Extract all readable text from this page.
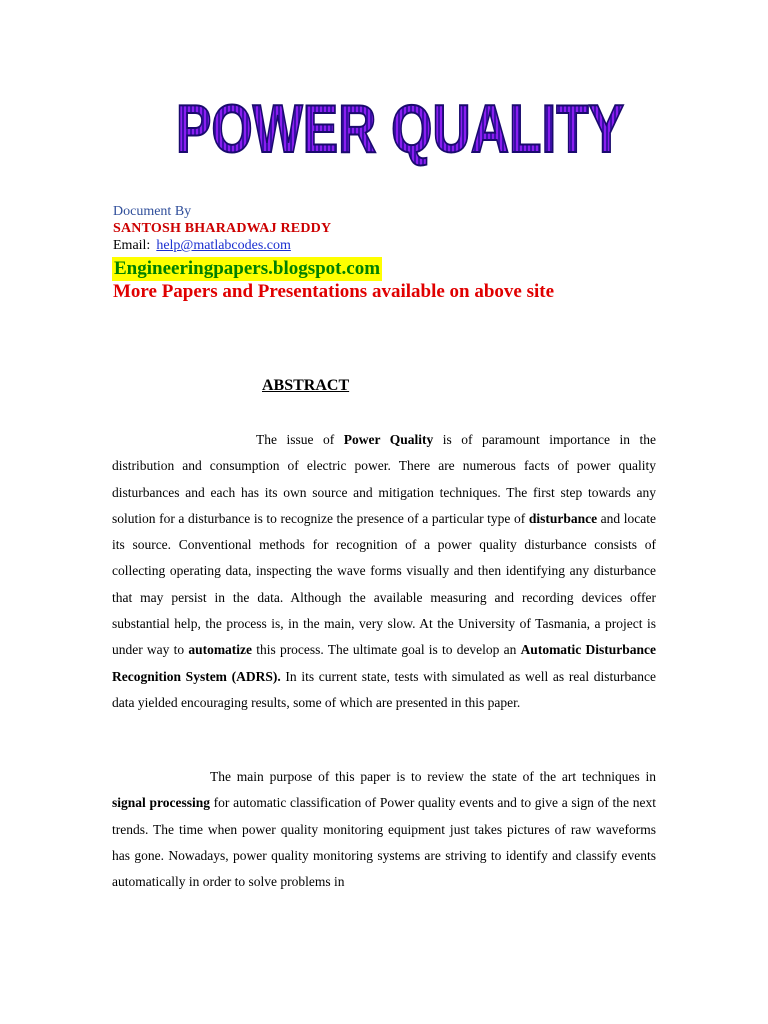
POWER QUALITY
Document By
SANTOSH BHARADWAJ REDDY
Email: help@matlabcodes.com
Engineeringpapers.blogspot.com
More Papers and Presentations available on above site
ABSTRACT
The issue of Power Quality is of paramount importance in the distribution and consumption of electric power. There are numerous facts of power quality disturbances and each has its own source and mitigation techniques. The first step towards any solution for a disturbance is to recognize the presence of a particular type of disturbance and locate its source. Conventional methods for recognition of a power quality disturbance consists of collecting operating data, inspecting the wave forms visually and then identifying any disturbance that may persist in the data. Although the available measuring and recording devices offer substantial help, the process is, in the main, very slow. At the University of Tasmania, a project is under way to automatize this process. The ultimate goal is to develop an Automatic Disturbance Recognition System (ADRS). In its current state, tests with simulated as well as real disturbance data yielded encouraging results, some of which are presented in this paper.
The main purpose of this paper is to review the state of the art techniques in signal processing for automatic classification of Power quality events and to give a sign of the next trends. The time when power quality monitoring equipment just takes pictures of raw waveforms has gone. Nowadays, power quality monitoring systems are striving to identify and classify events automatically in order to solve problems in
